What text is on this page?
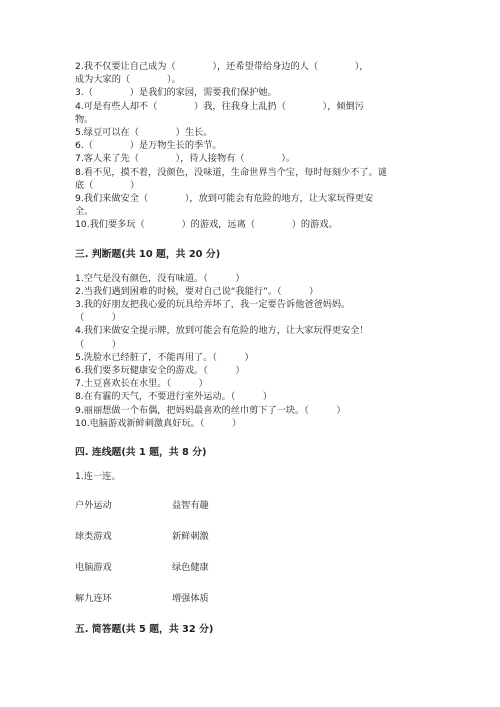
2.我不仅要让自己成为（　　　　），还希望带给身边的人（　　　　），
成为大家的（　　　　）。
3.（　　　　）是我们的家园，需要我们保护她。
4.可是有些人却不（　　　　）我，往我身上乱扔（　　　　），倾倒污
物。
5.绿豆可以在（　　　　）生长。
6.（　　　　）是万物生长的季节。
7.客人来了先（　　　　），待人接物有（　　　　）。
8.看不见，摸不着，没颜色，没味道，生命世界当个宝，每时每刻少不了。谜
底（　　　　）
9.我们来做安全（　　　　），放到可能会有危险的地方，让大家玩得更安
全。
10.我们要多玩（　　　　）的游戏，远离（　　　　）的游戏。
三. 判断题(共 10 题，共 20 分)
1.空气是没有颜色，没有味道。（　　　）
2.当我们遇到困难的时候，要对自己说“我能行”。（　　　）
3.我的好朋友把我心爱的玩具给弄坏了，我一定要告诉他爸爸妈妈。
（　　　）
4.我们来做安全提示牌，放到可能会有危险的地方，让大家玩得更安全！
（　　　）
5.洗脸水已经脏了，不能再用了。（　　　）
6.我们要多玩健康安全的游戏。（　　　）
7.土豆喜欢长在水里。（　　　）
8.在有霾的天气，不要进行室外运动。（　　　）
9.丽丽想做一个布偶，把妈妈最喜欢的丝巾剪下了一块。（　　　）
10.电脑游戏新鲜刺激真好玩。（　　　）
四. 连线题(共 1 题，共 8 分)
1.连一连。
户外运动	益智有趣
球类游戏	新鲜刺激
电脑游戏	绿色健康
解九连环	增强体质
五. 简答题(共 5 题，共 32 分)
